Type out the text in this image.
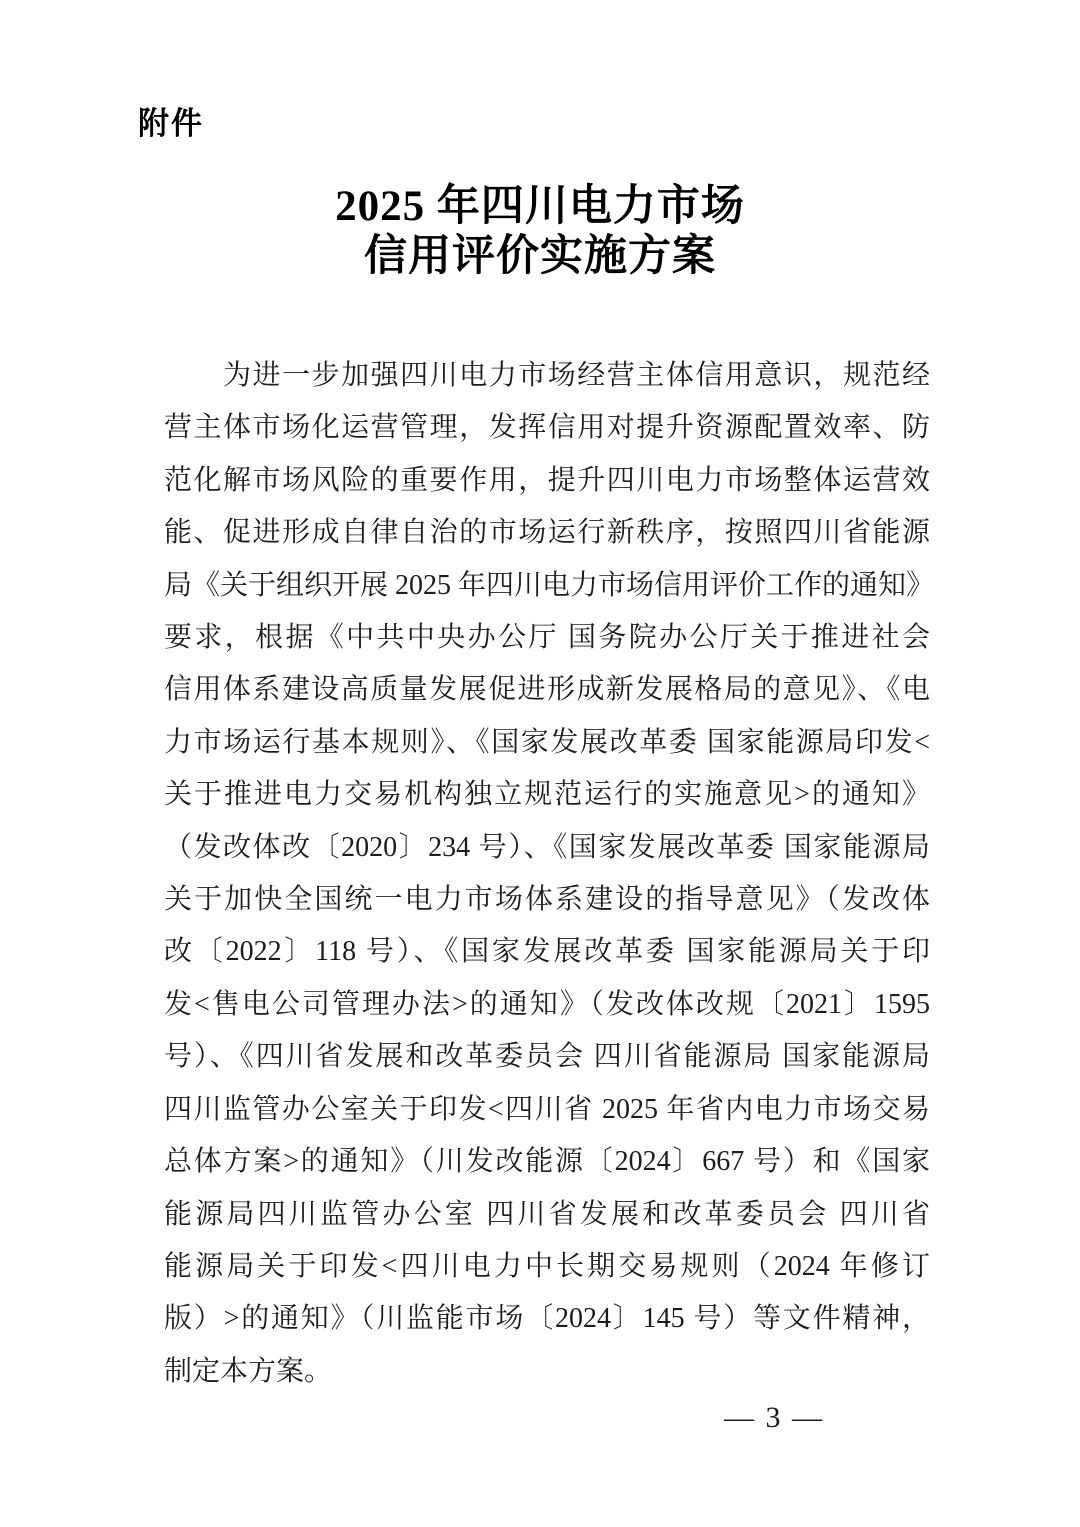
附件
2025 年四川电力市场
信用评价实施方案
为进一步加强四川电力市场经营主体信用意识，规范经
营主体市场化运营管理，发挥信用对提升资源配置效率、防
范化解市场风险的重要作用，提升四川电力市场整体运营效
能、促进形成自律自治的市场运行新秩序，按照四川省能源
局《关于组织开展 2025 年四川电力市场信用评价工作的通知》
要求，根据《中共中央办公厅 国务院办公厅关于推进社会
信用体系建设高质量发展促进形成新发展格局的意见》、《电
力市场运行基本规则》、《国家发展改革委 国家能源局印发<
关于推进电力交易机构独立规范运行的实施意见>的通知》
（发改体改〔2020〕234 号）、《国家发展改革委 国家能源局
关于加快全国统一电力市场体系建设的指导意见》（发改体
改〔2022〕118 号）、《国家发展改革委 国家能源局关于印
发<售电公司管理办法>的通知》（发改体改规〔2021〕1595
号）、《四川省发展和改革委员会 四川省能源局 国家能源局
四川监管办公室关于印发<四川省 2025 年省内电力市场交易
总体方案>的通知》（川发改能源〔2024〕667 号）和《国家
能源局四川监管办公室 四川省发展和改革委员会 四川省
能源局关于印发<四川电力中长期交易规则（2024 年修订
版）>的通知》（川监能市场〔2024〕145 号）等文件精神，
制定本方案。
— 3 —
